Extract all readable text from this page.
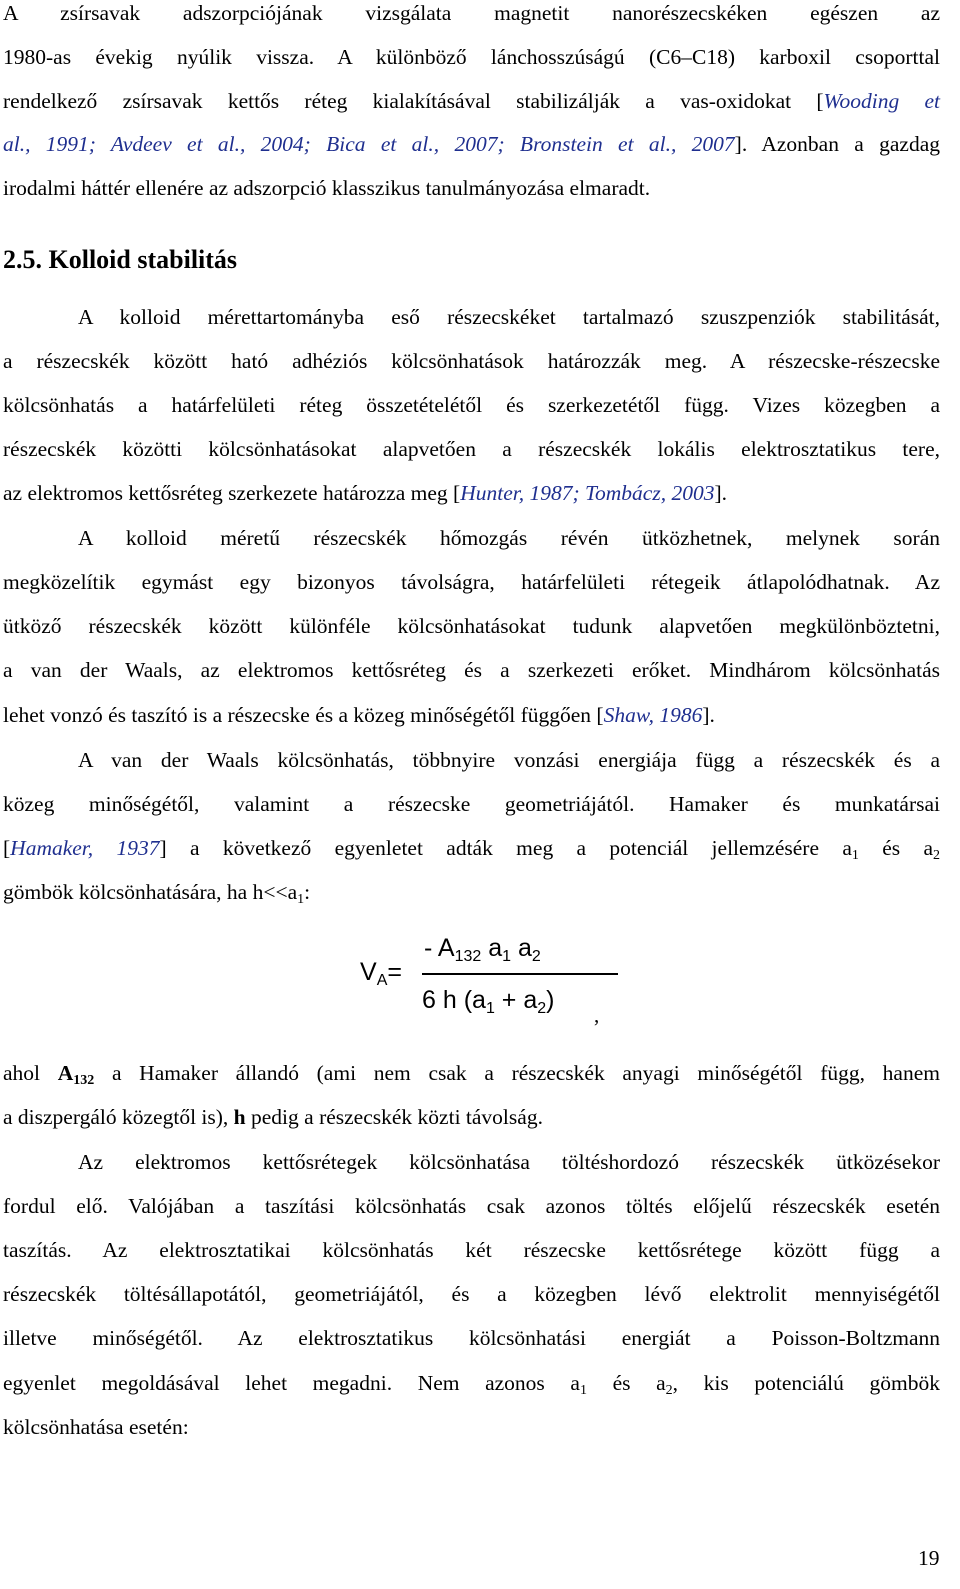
A zsírsavak adszorpciójának vizsgálata magnetit nanorészecskéken egészen az
1980-as évekig nyúlik vissza. A különböző lánchosszúságú (C6–C18) karboxil csoporttal
rendelkező zsírsavak kettős réteg kialakításával stabilizálják a vas-oxidokat [Wooding et
al., 1991; Avdeev et al., 2004; Bica et al., 2007; Bronstein et al., 2007]. Azonban a gazdag
irodalmi háttér ellenére az adszorpció klasszikus tanulmányozása elmaradt.
2.5. Kolloid stabilitás
A kolloid mérettartományba eső részecskéket tartalmazó szuszpenziók stabilitását,
a részecskék között ható adhéziós kölcsönhatások határozzák meg. A részecske-részecske
kölcsönhatás a határfelületi réteg összetételétől és szerkezetétől függ. Vizes közegben a
részecskék közötti kölcsönhatásokat alapvetően a részecskék lokális elektrosztatikus tere,
az elektromos kettősréteg szerkezete határozza meg [Hunter, 1987; Tombácz, 2003].
A kolloid méretű részecskék hőmozgás révén ütközhetnek, melynek során
megközelítik egymást egy bizonyos távolságra, határfelületi rétegeik átlapolódhatnak. Az
ütköző részecskék között különféle kölcsönhatásokat tudunk alapvetően megkülönböztetni,
a van der Waals, az elektromos kettősréteg és a szerkezeti erőket. Mindhárom kölcsönhatás
lehet vonzó és taszító is a részecske és a közeg minőségétől függően [Shaw, 1986].
A van der Waals kölcsönhatás, többnyire vonzási energiája függ a részecskék és a
közeg minőségétől, valamint a részecske geometriájától. Hamaker és munkatársai
[Hamaker, 1937] a következő egyenletet adták meg a potenciál jellemzésére $a_1$ és $a_2$
gömbök kölcsönhatására, ha $h<<a_1$:
$V_A=$
- $A_{132}$ $a_1$ $a_2$
6 h $(a_1 + a_2)$
,
ahol $A_{132}$ a Hamaker állandó (ami nem csak a részecskék anyagi minőségétől függ, hanem
a diszpergáló közegtől is), h pedig a részecskék közti távolság.
Az elektromos kettősrétegek kölcsönhatása töltéshordozó részecskék ütközésekor
fordul elő. Valójában a taszítási kölcsönhatás csak azonos töltés előjelű részecskék esetén
taszítás. Az elektrosztatikai kölcsönhatás két részecske kettősrétege között függ a
részecskék töltésállapotától, geometriájától, és a közegben lévő elektrolit mennyiségétől
illetve minőségétől. Az elektrosztatikus kölcsönhatási energiát a Poisson-Boltzmann
egyenlet megoldásával lehet megadni. Nem azonos $a_1$ és $a_2$, kis potenciálú gömbök
kölcsönhatása esetén:
19
